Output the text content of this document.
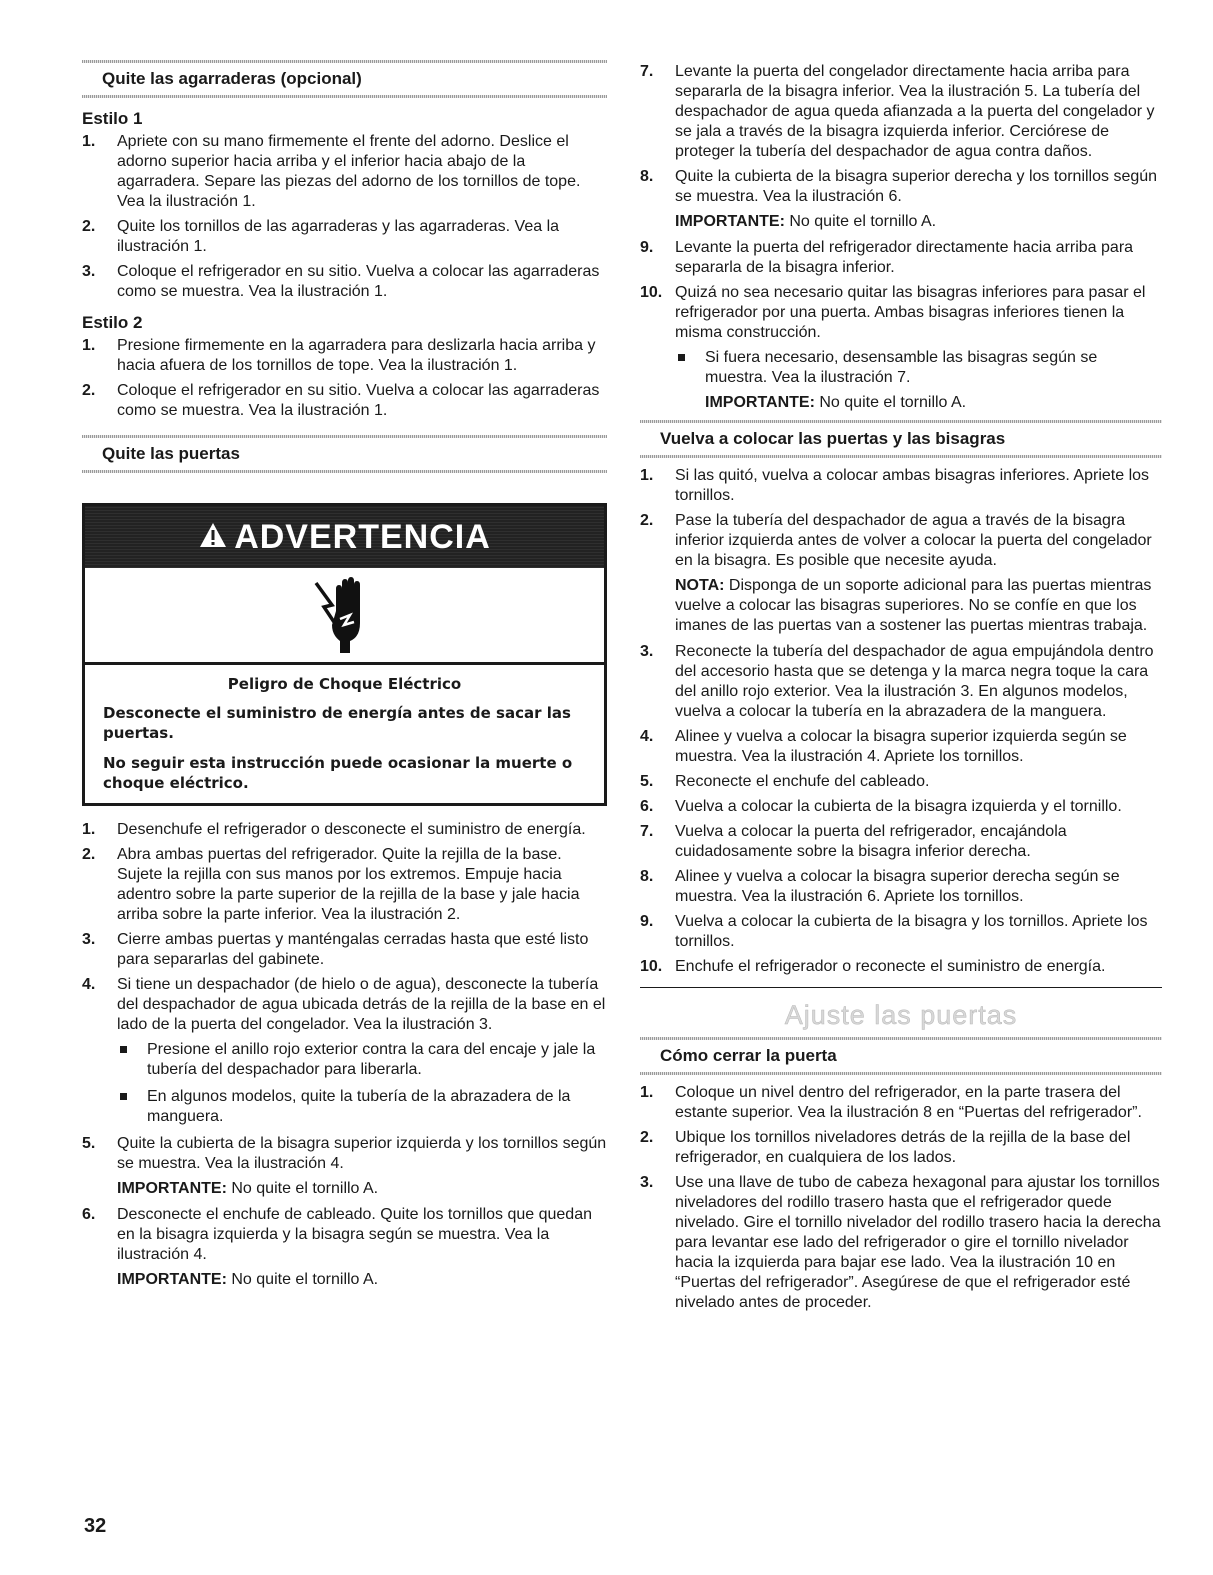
Quite las agarraderas (opcional)
Estilo 1
1. Apriete con su mano firmemente el frente del adorno. Deslice el adorno superior hacia arriba y el inferior hacia abajo de la agarradera. Separe las piezas del adorno de los tornillos de tope. Vea la ilustración 1.
2. Quite los tornillos de las agarraderas y las agarraderas. Vea la ilustración 1.
3. Coloque el refrigerador en su sitio. Vuelva a colocar las agarraderas como se muestra. Vea la ilustración 1.
Estilo 2
1. Presione firmemente en la agarradera para deslizarla hacia arriba y hacia afuera de los tornillos de tope. Vea la ilustración 1.
2. Coloque el refrigerador en su sitio. Vuelva a colocar las agarraderas como se muestra. Vea la ilustración 1.
Quite las puertas
ADVERTENCIA
Peligro de Choque Eléctrico

Desconecte el suministro de energía antes de sacar las puertas.

No seguir esta instrucción puede ocasionar la muerte o choque eléctrico.

1. Desenchufe el refrigerador o desconecte el suministro de energía.
2. Abra ambas puertas del refrigerador. Quite la rejilla de la base. Sujete la rejilla con sus manos por los extremos. Empuje hacia adentro sobre la parte superior de la rejilla de la base y jale hacia arriba sobre la parte inferior. Vea la ilustración 2.
3. Cierre ambas puertas y manténgalas cerradas hasta que esté listo para separarlas del gabinete.
4. Si tiene un despachador (de hielo o de agua), desconecte la tubería del despachador de agua ubicada detrás de la rejilla de la base en el lado de la puerta del congelador. Vea la ilustración 3.
Presione el anillo rojo exterior contra la cara del encaje y jale la tubería del despachador para liberarla.
En algunos modelos, quite la tubería de la abrazadera de la manguera.
5. Quite la cubierta de la bisagra superior izquierda y los tornillos según se muestra. Vea la ilustración 4.
IMPORTANTE: No quite el tornillo A.
6. Desconecte el enchufe de cableado. Quite los tornillos que quedan en la bisagra izquierda y la bisagra según se muestra. Vea la ilustración 4.
IMPORTANTE: No quite el tornillo A.
7. Levante la puerta del congelador directamente hacia arriba para separarla de la bisagra inferior. Vea la ilustración 5. La tubería del despachador de agua queda afianzada a la puerta del congelador y se jala a través de la bisagra izquierda inferior. Cerciórese de proteger la tubería del despachador de agua contra daños.
8. Quite la cubierta de la bisagra superior derecha y los tornillos según se muestra. Vea la ilustración 6.
IMPORTANTE: No quite el tornillo A.
9. Levante la puerta del refrigerador directamente hacia arriba para separarla de la bisagra inferior.
10. Quizá no sea necesario quitar las bisagras inferiores para pasar el refrigerador por una puerta. Ambas bisagras inferiores tienen la misma construcción.
Si fuera necesario, desensamble las bisagras según se muestra. Vea la ilustración 7.
IMPORTANTE: No quite el tornillo A.
Vuelva a colocar las puertas y las bisagras
1. Si las quitó, vuelva a colocar ambas bisagras inferiores. Apriete los tornillos.
2. Pase la tubería del despachador de agua a través de la bisagra inferior izquierda antes de volver a colocar la puerta del congelador en la bisagra. Es posible que necesite ayuda.
NOTA: Disponga de un soporte adicional para las puertas mientras vuelve a colocar las bisagras superiores. No se confíe en que los imanes de las puertas van a sostener las puertas mientras trabaja.
3. Reconecte la tubería del despachador de agua empujándola dentro del accesorio hasta que se detenga y la marca negra toque la cara del anillo rojo exterior. Vea la ilustración 3. En algunos modelos, vuelva a colocar la tubería en la abrazadera de la manguera.
4. Alinee y vuelva a colocar la bisagra superior izquierda según se muestra. Vea la ilustración 4. Apriete los tornillos.
5. Reconecte el enchufe del cableado.
6. Vuelva a colocar la cubierta de la bisagra izquierda y el tornillo.
7. Vuelva a colocar la puerta del refrigerador, encajándola cuidadosamente sobre la bisagra inferior derecha.
8. Alinee y vuelva a colocar la bisagra superior derecha según se muestra. Vea la ilustración 6. Apriete los tornillos.
9. Vuelva a colocar la cubierta de la bisagra y los tornillos. Apriete los tornillos.
10. Enchufe el refrigerador o reconecte el suministro de energía.
Ajuste las puertas
Cómo cerrar la puerta
1. Coloque un nivel dentro del refrigerador, en la parte trasera del estante superior. Vea la ilustración 8 en “Puertas del refrigerador”.
2. Ubique los tornillos niveladores detrás de la rejilla de la base del refrigerador, en cualquiera de los lados.
3. Use una llave de tubo de cabeza hexagonal para ajustar los tornillos niveladores del rodillo trasero hasta que el refrigerador quede nivelado. Gire el tornillo nivelador del rodillo trasero hacia la derecha para levantar ese lado del refrigerador o gire el tornillo nivelador hacia la izquierda para bajar ese lado. Vea la ilustración 10 en “Puertas del refrigerador”. Asegúrese de que el refrigerador esté nivelado antes de proceder.
32
